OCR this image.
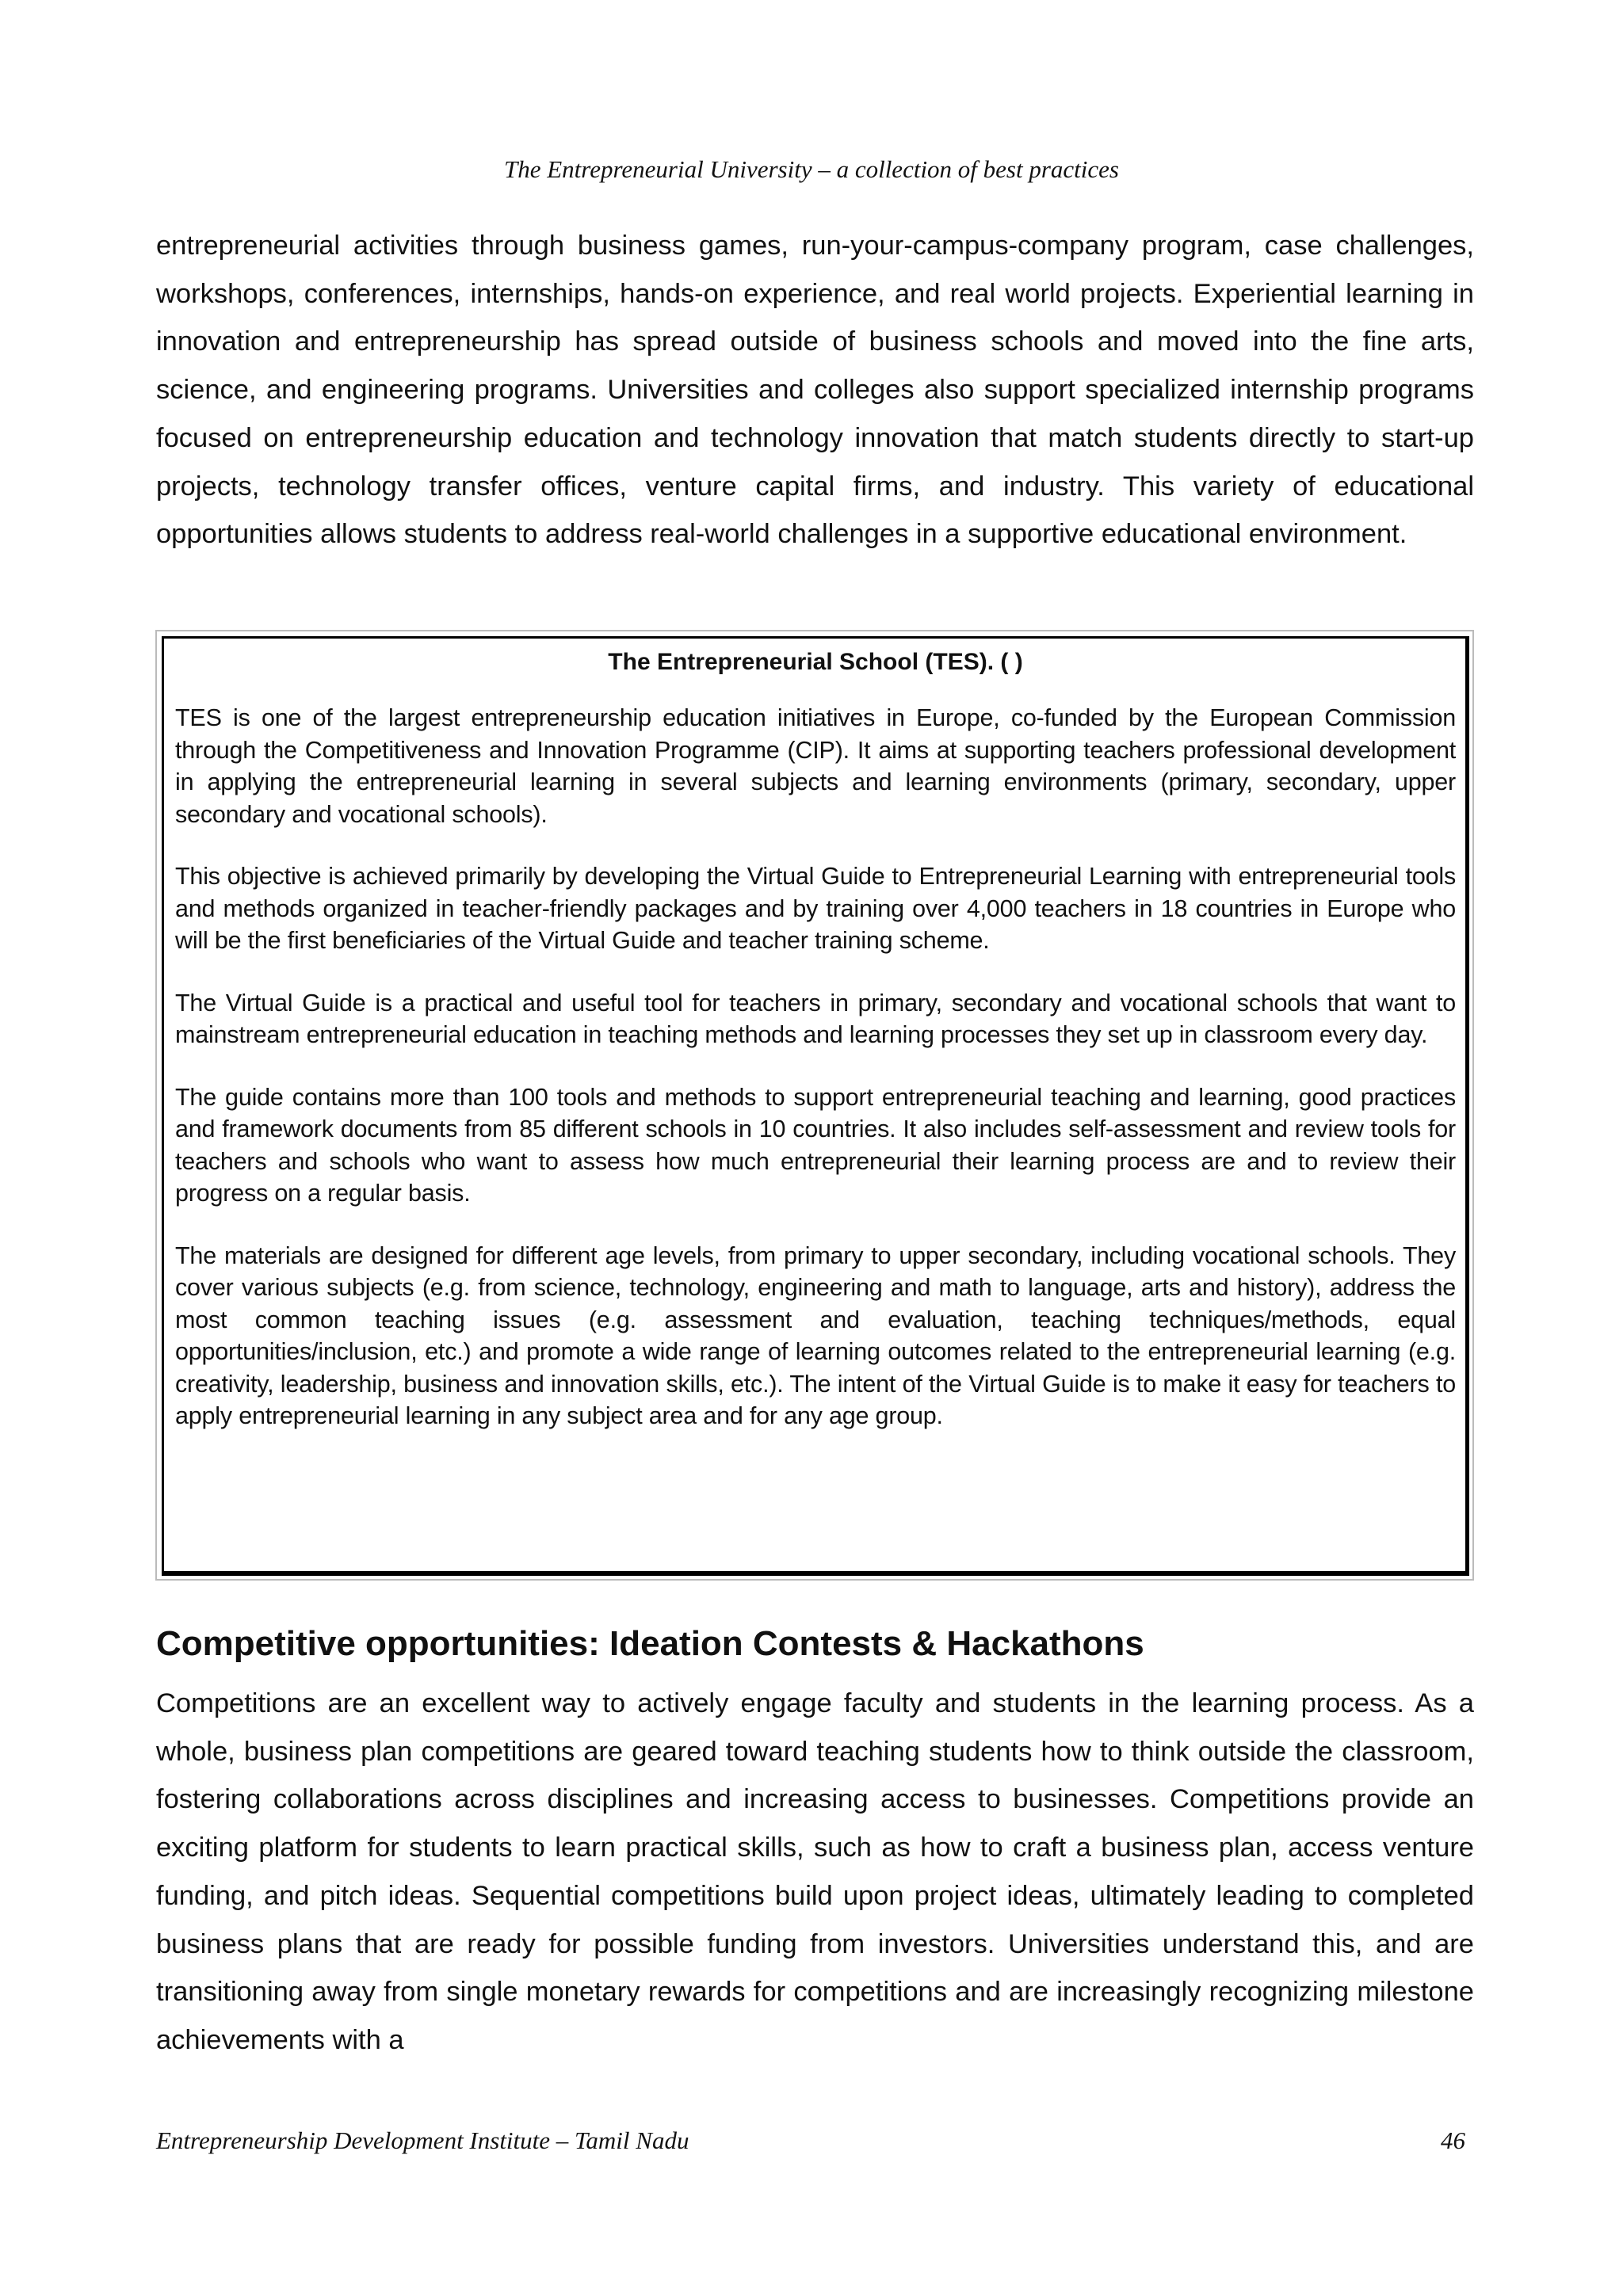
The Entrepreneurial University – a collection of best practices

entrepreneurial activities through business games, run-your-campus-company program, case challenges, workshops, conferences, internships, hands-on experience, and real world projects. Experiential learning in innovation and entrepreneurship has spread outside of business schools and moved into the fine arts, science, and engineering programs. Universities and colleges also support specialized internship programs focused on entrepreneurship education and technology innovation that match students directly to start-up projects, technology transfer offices, venture capital firms, and industry. This variety of educational opportunities allows students to address real-world challenges in a supportive educational environment.

The Entrepreneurial School (TES). ( )

TES is one of the largest entrepreneurship education initiatives in Europe, co-funded by the European Commission through the Competitiveness and Innovation Programme (CIP). It aims at supporting teachers professional development in applying the entrepreneurial learning in several subjects and learning environments (primary, secondary, upper secondary and vocational schools).

This objective is achieved primarily by developing the Virtual Guide to Entrepreneurial Learning with entrepreneurial tools and methods organized in teacher-friendly packages and by training over 4,000 teachers in 18 countries in Europe who will be the first beneficiaries of the Virtual Guide and teacher training scheme.

The Virtual Guide is a practical and useful tool for teachers in primary, secondary and vocational schools that want to mainstream entrepreneurial education in teaching methods and learning processes they set up in classroom every day.

The guide contains more than 100 tools and methods to support entrepreneurial teaching and learning, good practices and framework documents from 85 different schools in 10 countries. It also includes self-assessment and review tools for teachers and schools who want to assess how much entrepreneurial their learning process are and to review their progress on a regular basis.

The materials are designed for different age levels, from primary to upper secondary, including vocational schools. They cover various subjects (e.g. from science, technology, engineering and math to language, arts and history), address the most common teaching issues (e.g. assessment and evaluation, teaching techniques/methods, equal opportunities/inclusion, etc.) and promote a wide range of learning outcomes related to the entrepreneurial learning (e.g. creativity, leadership, business and innovation skills, etc.). The intent of the Virtual Guide is to make it easy for teachers to apply entrepreneurial learning in any subject area and for any age group.

Competitive opportunities: Ideation Contests & Hackathons

Competitions are an excellent way to actively engage faculty and students in the learning process. As a whole, business plan competitions are geared toward teaching students how to think outside the classroom, fostering collaborations across disciplines and increasing access to businesses. Competitions provide an exciting platform for students to learn practical skills, such as how to craft a business plan, access venture funding, and pitch ideas. Sequential competitions build upon project ideas, ultimately leading to completed business plans that are ready for possible funding from investors. Universities understand this, and are transitioning away from single monetary rewards for competitions and are increasingly recognizing milestone achievements with a

Entrepreneurship Development Institute – Tamil Nadu	46
